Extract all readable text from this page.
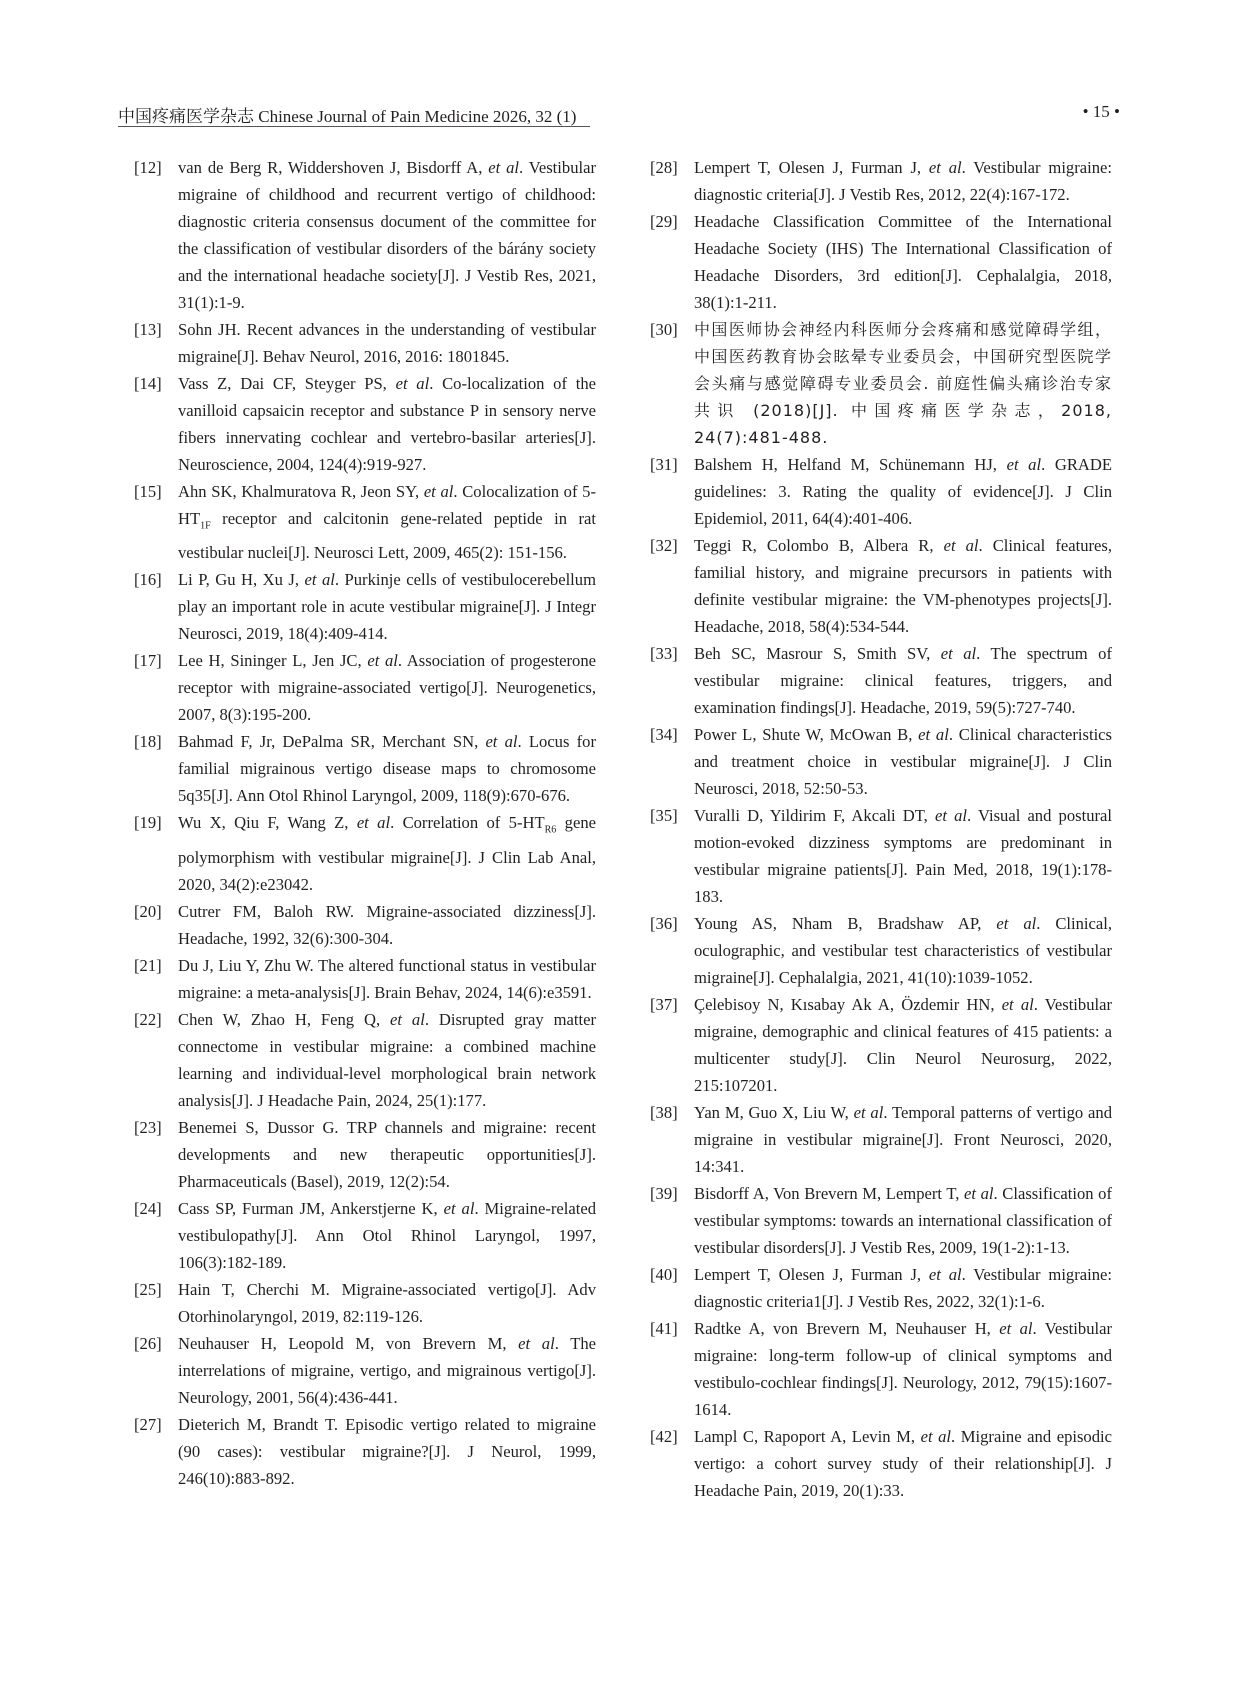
中国疼痛医学杂志 Chinese Journal of Pain Medicine 2026, 32 (1)	• 15 •
[12] van de Berg R, Widdershoven J, Bisdorff A, et al. Vestibular migraine of childhood and recurrent vertigo of childhood: diagnostic criteria consensus document of the committee for the classification of vestibular disorders of the bárány society and the international headache society[J]. J Vestib Res, 2021, 31(1):1-9.
[13] Sohn JH. Recent advances in the understanding of vestibular migraine[J]. Behav Neurol, 2016, 2016: 1801845.
[14] Vass Z, Dai CF, Steyger PS, et al. Co-localization of the vanilloid capsaicin receptor and substance P in sensory nerve fibers innervating cochlear and vertebro-basilar arteries[J]. Neuroscience, 2004, 124(4):919-927.
[15] Ahn SK, Khalmuratova R, Jeon SY, et al. Colocalization of $5-HT_{1F}$ receptor and calcitonin gene-related peptide in rat vestibular nuclei[J]. Neurosci Lett, 2009, 465(2): 151-156.
[16] Li P, Gu H, Xu J, et al. Purkinje cells of vestibulocerebellum play an important role in acute vestibular migraine[J]. J Integr Neurosci, 2019, 18(4):409-414.
[17] Lee H, Sininger L, Jen JC, et al. Association of progesterone receptor with migraine-associated vertigo[J]. Neurogenetics, 2007, 8(3):195-200.
[18] Bahmad F, Jr, DePalma SR, Merchant SN, et al. Locus for familial migrainous vertigo disease maps to chromosome 5q35[J]. Ann Otol Rhinol Laryngol, 2009, 118(9):670-676.
[19] Wu X, Qiu F, Wang Z, et al. Correlation of $5-HT_{R6}$ gene polymorphism with vestibular migraine[J]. J Clin Lab Anal, 2020, 34(2):e23042.
[20] Cutrer FM, Baloh RW. Migraine-associated dizziness[J]. Headache, 1992, 32(6):300-304.
[21] Du J, Liu Y, Zhu W. The altered functional status in vestibular migraine: a meta-analysis[J]. Brain Behav, 2024, 14(6):e3591.
[22] Chen W, Zhao H, Feng Q, et al. Disrupted gray matter connectome in vestibular migraine: a combined machine learning and individual-level morphological brain network analysis[J]. J Headache Pain, 2024, 25(1):177.
[23] Benemei S, Dussor G. TRP channels and migraine: recent developments and new therapeutic opportunities[J]. Pharmaceuticals (Basel), 2019, 12(2):54.
[24] Cass SP, Furman JM, Ankerstjerne K, et al. Migraine-related vestibulopathy[J]. Ann Otol Rhinol Laryngol, 1997, 106(3):182-189.
[25] Hain T, Cherchi M. Migraine-associated vertigo[J]. Adv Otorhinolaryngol, 2019, 82:119-126.
[26] Neuhauser H, Leopold M, von Brevern M, et al. The interrelations of migraine, vertigo, and migrainous vertigo[J]. Neurology, 2001, 56(4):436-441.
[27] Dieterich M, Brandt T. Episodic vertigo related to migraine (90 cases): vestibular migraine?[J]. J Neurol, 1999, 246(10):883-892.
[28] Lempert T, Olesen J, Furman J, et al. Vestibular migraine: diagnostic criteria[J]. J Vestib Res, 2012, 22(4):167-172.
[29] Headache Classification Committee of the International Headache Society (IHS) The International Classification of Headache Disorders, 3rd edition[J]. Cephalalgia, 2018, 38(1):1-211.
[30]	中国医师协会神经内科医师分会疼痛和感觉障碍学组，中国医药教育协会眩晕专业委员会，中国研究型医院学会头痛与感觉障碍专业委员会. 前庭性偏头痛诊治专家共识 (2018)[J]. 中国疼痛医学杂志，2018, 24(7):481-488.
[31] Balshem H, Helfand M, Schünemann HJ, et al. GRADE guidelines: 3. Rating the quality of evidence[J]. J Clin Epidemiol, 2011, 64(4):401-406.
[32] Teggi R, Colombo B, Albera R, et al. Clinical features, familial history, and migraine precursors in patients with definite vestibular migraine: the VM-phenotypes projects[J]. Headache, 2018, 58(4):534-544.
[33] Beh SC, Masrour S, Smith SV, et al. The spectrum of vestibular migraine: clinical features, triggers, and examination findings[J]. Headache, 2019, 59(5):727-740.
[34] Power L, Shute W, McOwan B, et al. Clinical characteristics and treatment choice in vestibular migraine[J]. J Clin Neurosci, 2018, 52:50-53.
[35] Vuralli D, Yildirim F, Akcali DT, et al. Visual and postural motion-evoked dizziness symptoms are predominant in vestibular migraine patients[J]. Pain Med, 2018, 19(1):178-183.
[36] Young AS, Nham B, Bradshaw AP, et al. Clinical, oculographic, and vestibular test characteristics of vestibular migraine[J]. Cephalalgia, 2021, 41(10):1039-1052.
[37] Çelebisoy N, Kısabay Ak A, Özdemir HN, et al. Vestibular migraine, demographic and clinical features of 415 patients: a multicenter study[J]. Clin Neurol Neurosurg, 2022, 215:107201.
[38] Yan M, Guo X, Liu W, et al. Temporal patterns of vertigo and migraine in vestibular migraine[J]. Front Neurosci, 2020, 14:341.
[39] Bisdorff A, Von Brevern M, Lempert T, et al. Classification of vestibular symptoms: towards an international classification of vestibular disorders[J]. J Vestib Res, 2009, 19(1-2):1-13.
[40] Lempert T, Olesen J, Furman J, et al. Vestibular migraine: diagnostic criteria1[J]. J Vestib Res, 2022, 32(1):1-6.
[41] Radtke A, von Brevern M, Neuhauser H, et al. Vestibular migraine: long-term follow-up of clinical symptoms and vestibulo-cochlear findings[J]. Neurology, 2012, 79(15):1607-1614.
[42] Lampl C, Rapoport A, Levin M, et al. Migraine and episodic vertigo: a cohort survey study of their relationship[J]. J Headache Pain, 2019, 20(1):33.
